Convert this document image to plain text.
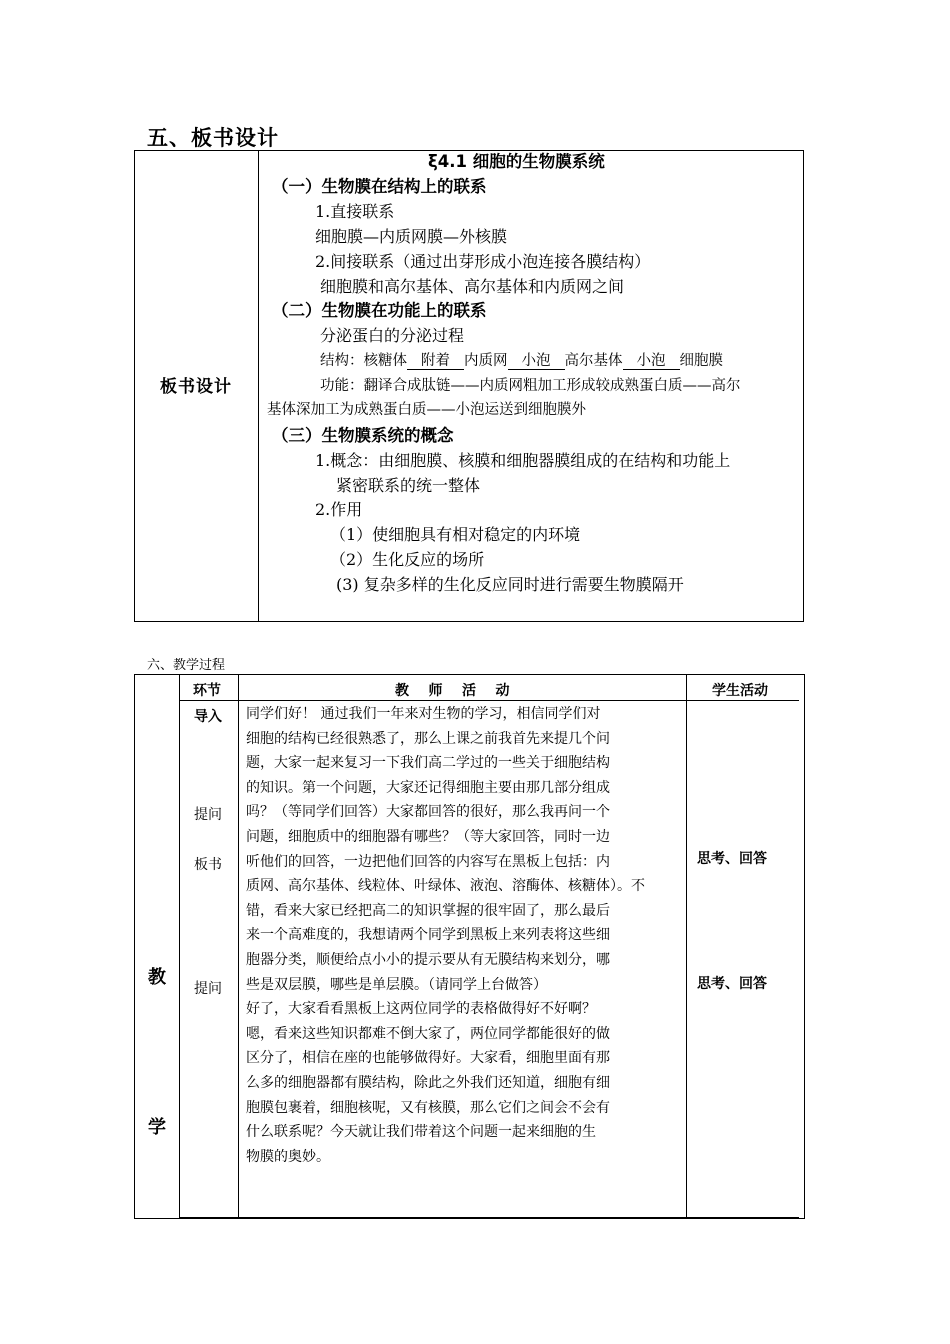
五、板书设计
板书设计
ξ4.1 细胞的生物膜系统
（一）生物膜在结构上的联系
1.直接联系
细胞膜—内质网膜—外核膜
2.间接联系（通过出芽形成小泡连接各膜结构）
细胞膜和高尔基体、高尔基体和内质网之间
（二）生物膜在功能上的联系
分泌蛋白的分泌过程
结构：核糖体 附着 内质网 小泡 高尔基体 小泡 细胞膜
功能：翻译合成肽链——内质网粗加工形成较成熟蛋白质——高尔
基体深加工为成熟蛋白质——小泡运送到细胞膜外
（三）生物膜系统的概念
1.概念：由细胞膜、核膜和细胞器膜组成的在结构和功能上
紧密联系的统一整体
2.作用
（1）使细胞具有相对稳定的内环境
（2）生化反应的场所
(3) 复杂多样的生化反应同时进行需要生物膜隔开
六、教学过程
环节	教    师    活    动	学生活动
教
学
导入
提问
板书
提问
同学们好！ 通过我们一年来对生物的学习，相信同学们对
细胞的结构已经很熟悉了，那么上课之前我首先来提几个问
题，大家一起来复习一下我们高二学过的一些关于细胞结构
的知识。第一个问题，大家还记得细胞主要由那几部分组成
吗？（等同学们回答）大家都回答的很好，那么我再问一个
问题，细胞质中的细胞器有哪些？（等大家回答，同时一边
听他们的回答，一边把他们回答的内容写在黑板上包括：内
质网、高尔基体、线粒体、叶绿体、液泡、溶酶体、核糖体）。不
错，看来大家已经把高二的知识掌握的很牢固了，那么最后
来一个高难度的，我想请两个同学到黑板上来列表将这些细
胞器分类，顺便给点小小的提示要从有无膜结构来划分，哪
些是双层膜，哪些是单层膜。（请同学上台做答）
好了，大家看看黑板上这两位同学的表格做得好不好啊？
嗯，看来这些知识都难不倒大家了，两位同学都能很好的做
区分了，相信在座的也能够做得好。大家看，细胞里面有那
么多的细胞器都有膜结构，除此之外我们还知道，细胞有细
胞膜包裹着，细胞核呢，又有核膜，那么它们之间会不会有
什么联系呢？今天就让我们带着这个问题一起来细胞的生
物膜的奥妙。
思考、回答
思考、回答
